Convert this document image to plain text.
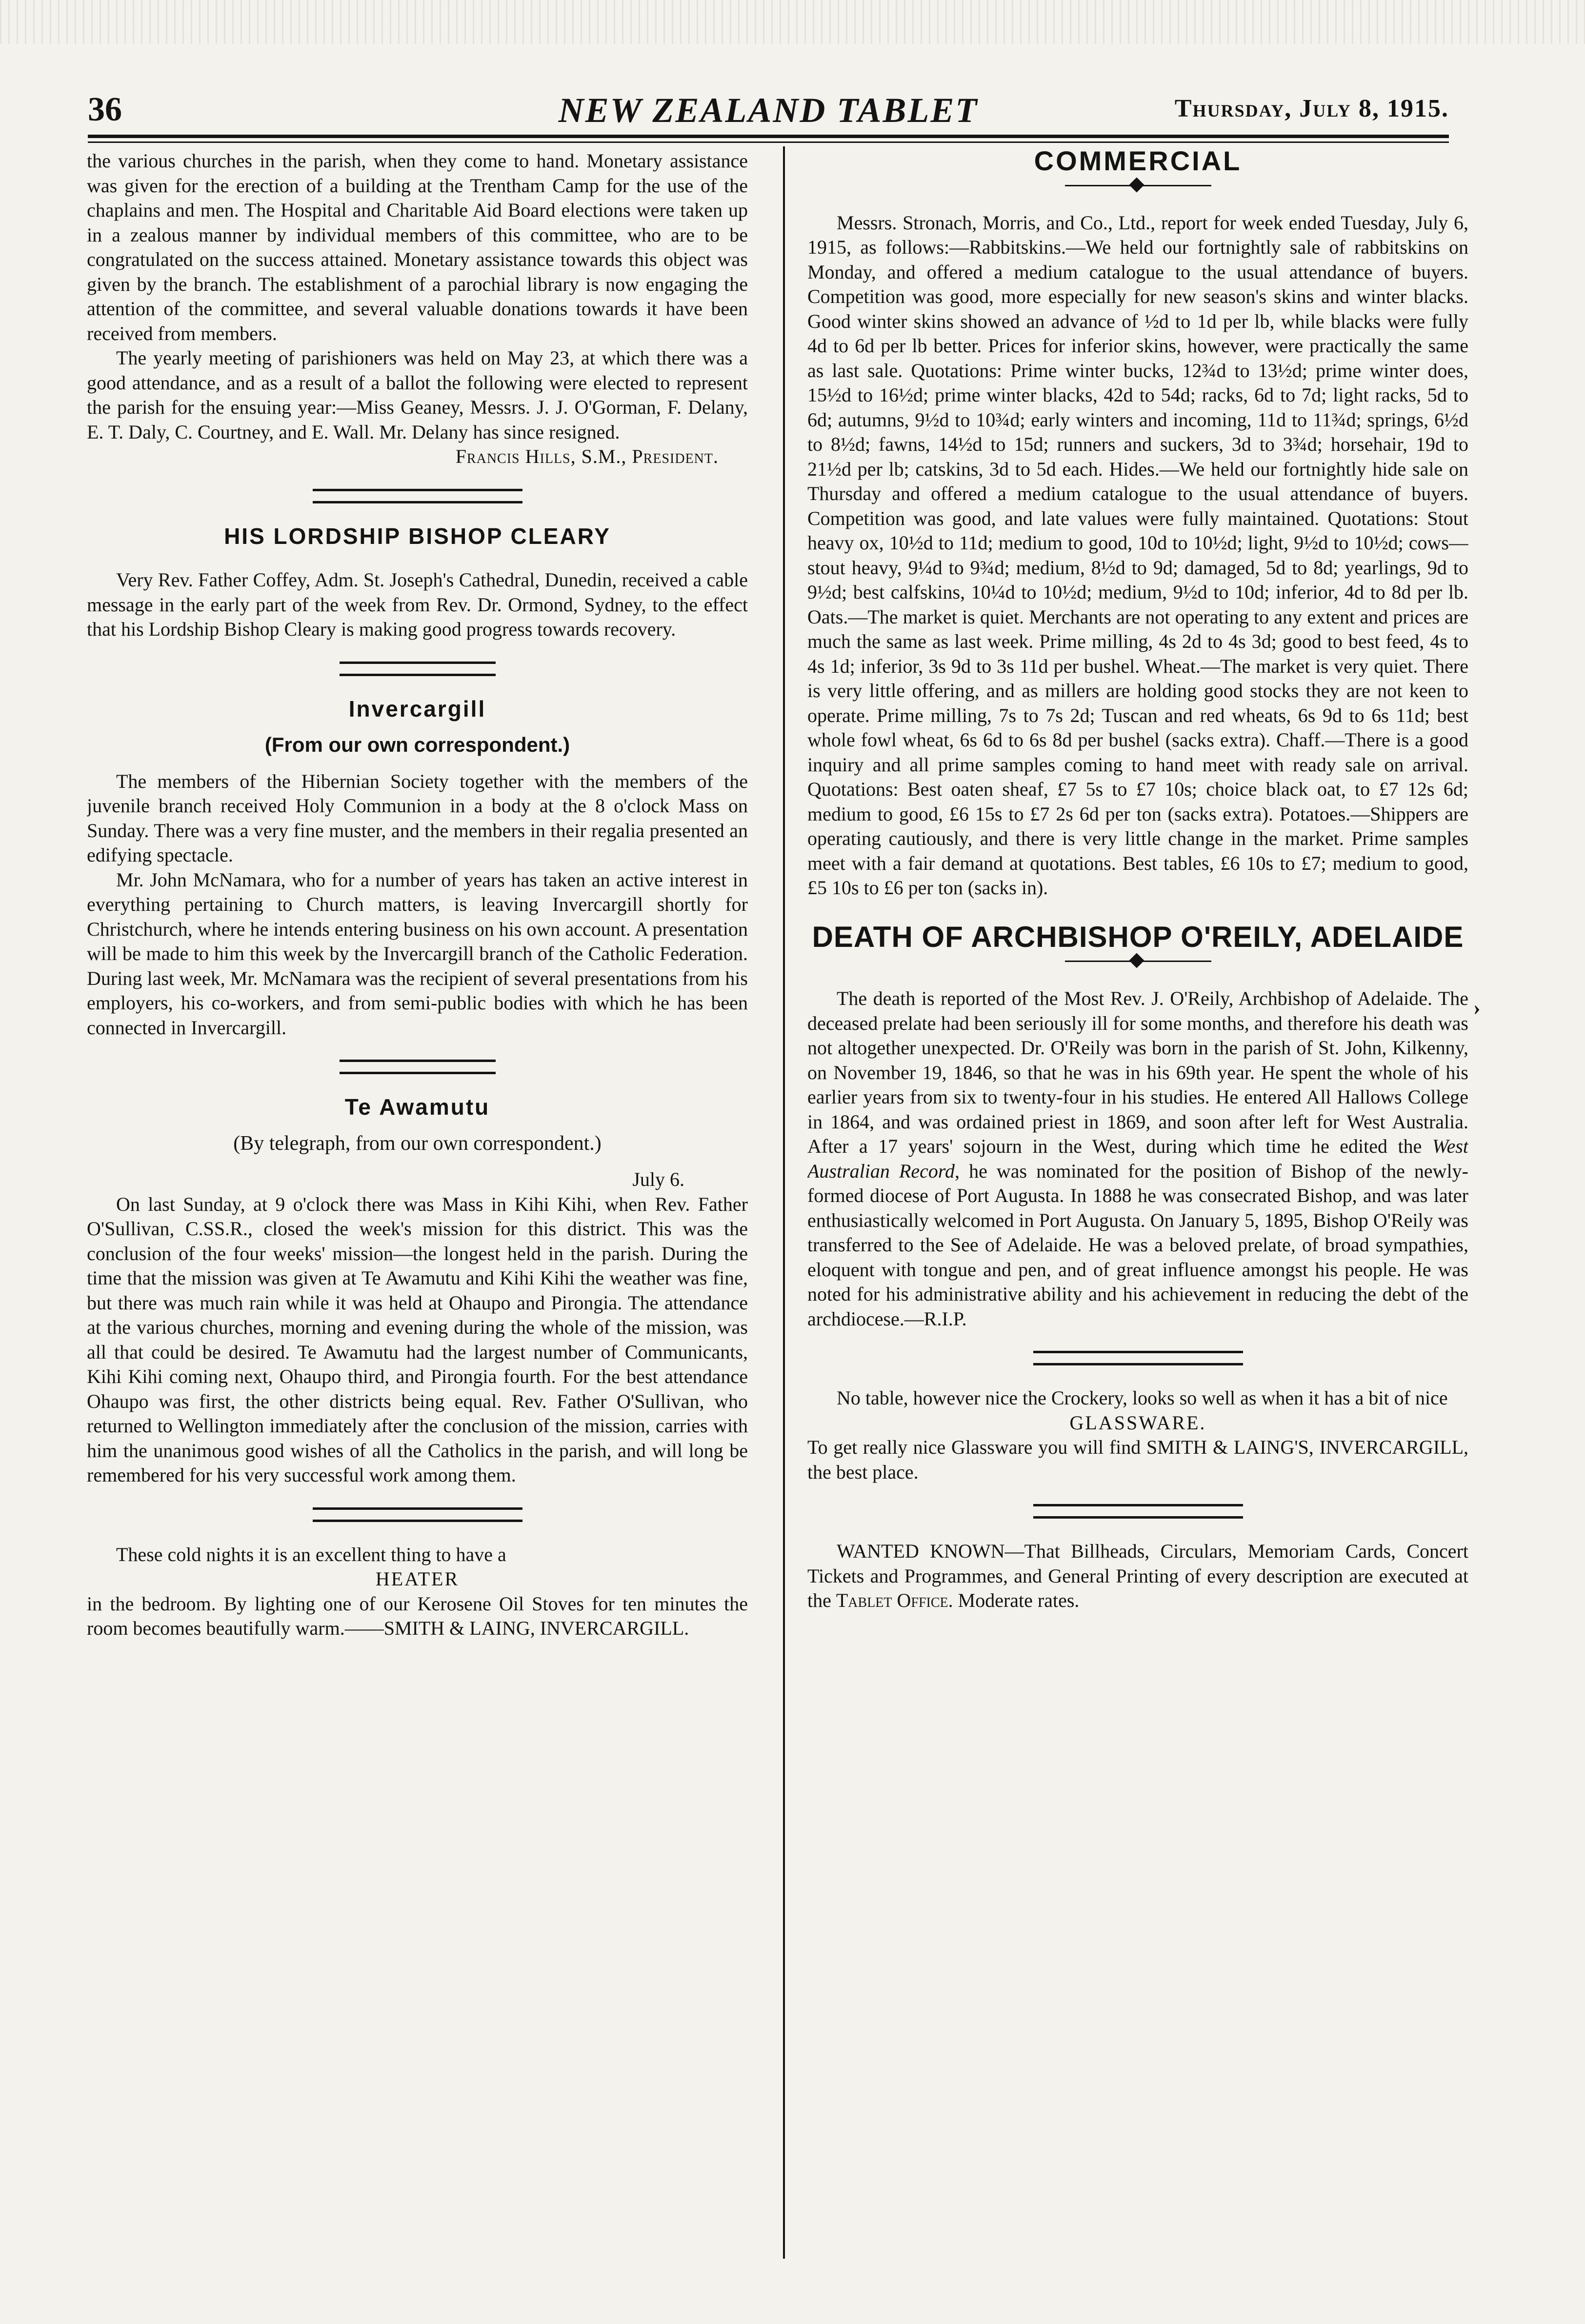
36	NEW ZEALAND TABLET	Thursday, July 8, 1915.

the various churches in the parish, when they come to hand. Monetary assistance was given for the erection of a building at the Trentham Camp for the use of the chaplains and men. The Hospital and Charitable Aid Board elections were taken up in a zealous manner by individual members of this committee, who are to be congratulated on the success attained. Monetary assistance towards this object was given by the branch. The establishment of a parochial library is now engaging the attention of the committee, and several valuable donations towards it have been received from members.

The yearly meeting of parishioners was held on May 23, at which there was a good attendance, and as a result of a ballot the following were elected to represent the parish for the ensuing year:—Miss Geaney, Messrs. J. J. O'Gorman, F. Delany, E. T. Daly, C. Courtney, and E. Wall. Mr. Delany has since resigned.

Francis Hills, S.M., President.
HIS LORDSHIP BISHOP CLEARY

Very Rev. Father Coffey, Adm. St. Joseph's Cathedral, Dunedin, received a cable message in the early part of the week from Rev. Dr. Ormond, Sydney, to the effect that his Lordship Bishop Cleary is making good progress towards recovery.

Invercargill
(From our own correspondent.)

The members of the Hibernian Society together with the members of the juvenile branch received Holy Communion in a body at the 8 o'clock Mass on Sunday. There was a very fine muster, and the members in their regalia presented an edifying spectacle.

Mr. John McNamara, who for a number of years has taken an active interest in everything pertaining to Church matters, is leaving Invercargill shortly for Christchurch, where he intends entering business on his own account. A presentation will be made to him this week by the Invercargill branch of the Catholic Federation. During last week, Mr. McNamara was the recipient of several presentations from his employers, his co-workers, and from semi-public bodies with which he has been connected in Invercargill.

Te Awamutu
(By telegraph, from our own correspondent.)
July 6.

On last Sunday, at 9 o'clock there was Mass in Kihi Kihi, when Rev. Father O'Sullivan, C.SS.R., closed the week's mission for this district. This was the conclusion of the four weeks' mission—the longest held in the parish. During the time that the mission was given at Te Awamutu and Kihi Kihi the weather was fine, but there was much rain while it was held at Ohaupo and Pirongia. The attendance at the various churches, morning and evening during the whole of the mission, was all that could be desired. Te Awamutu had the largest number of Communicants, Kihi Kihi coming next, Ohaupo third, and Pirongia fourth. For the best attendance Ohaupo was first, the other districts being equal. Rev. Father O'Sullivan, who returned to Wellington immediately after the conclusion of the mission, carries with him the unanimous good wishes of all the Catholics in the parish, and will long be remembered for his very successful work among them.

These cold nights it is an excellent thing to have a

HEATER

in the bedroom. By lighting one of our Kerosene Oil Stoves for ten minutes the room becomes beautifully warm.——SMITH & LAING, INVERCARGILL.

COMMERCIAL

Messrs. Stronach, Morris, and Co., Ltd., report for week ended Tuesday, July 6, 1915, as follows:—Rabbitskins.—We held our fortnightly sale of rabbitskins on Monday, and offered a medium catalogue to the usual attendance of buyers. Competition was good, more especially for new season's skins and winter blacks. Good winter skins showed an advance of ½d to 1d per lb, while blacks were fully 4d to 6d per lb better. Prices for inferior skins, however, were practically the same as last sale. Quotations: Prime winter bucks, 12¾d to 13½d; prime winter does, 15½d to 16½d; prime winter blacks, 42d to 54d; racks, 6d to 7d; light racks, 5d to 6d; autumns, 9½d to 10¾d; early winters and incoming, 11d to 11¾d; springs, 6½d to 8½d; fawns, 14½d to 15d; runners and suckers, 3d to 3¾d; horsehair, 19d to 21½d per lb; catskins, 3d to 5d each. Hides.—We held our fortnightly hide sale on Thursday and offered a medium catalogue to the usual attendance of buyers. Competition was good, and late values were fully maintained. Quotations: Stout heavy ox, 10½d to 11d; medium to good, 10d to 10½d; light, 9½d to 10½d; cows—stout heavy, 9¼d to 9¾d; medium, 8½d to 9d; damaged, 5d to 8d; yearlings, 9d to 9½d; best calfskins, 10¼d to 10½d; medium, 9½d to 10d; inferior, 4d to 8d per lb. Oats.—The market is quiet. Merchants are not operating to any extent and prices are much the same as last week. Prime milling, 4s 2d to 4s 3d; good to best feed, 4s to 4s 1d; inferior, 3s 9d to 3s 11d per bushel. Wheat.—The market is very quiet. There is very little offering, and as millers are holding good stocks they are not keen to operate. Prime milling, 7s to 7s 2d; Tuscan and red wheats, 6s 9d to 6s 11d; best whole fowl wheat, 6s 6d to 6s 8d per bushel (sacks extra). Chaff.—There is a good inquiry and all prime samples coming to hand meet with ready sale on arrival. Quotations: Best oaten sheaf, £7 5s to £7 10s; choice black oat, to £7 12s 6d; medium to good, £6 15s to £7 2s 6d per ton (sacks extra). Potatoes.—Shippers are operating cautiously, and there is very little change in the market. Prime samples meet with a fair demand at quotations. Best tables, £6 10s to £7; medium to good, £5 10s to £6 per ton (sacks in).

DEATH OF ARCHBISHOP O'REILY, ADELAIDE

The death is reported of the Most Rev. J. O'Reily, Archbishop of Adelaide. The deceased prelate had been seriously ill for some months, and therefore his death was not altogether unexpected. Dr. O'Reily was born in the parish of St. John, Kilkenny, on November 19, 1846, so that he was in his 69th year. He spent the whole of his earlier years from six to twenty-four in his studies. He entered All Hallows College in 1864, and was ordained priest in 1869, and soon after left for West Australia. After a 17 years' sojourn in the West, during which time he edited the West Australian Record, he was nominated for the position of Bishop of the newly-formed diocese of Port Augusta. In 1888 he was consecrated Bishop, and was later enthusiastically welcomed in Port Augusta. On January 5, 1895, Bishop O'Reily was transferred to the See of Adelaide. He was a beloved prelate, of broad sympathies, eloquent with tongue and pen, and of great influence amongst his people. He was noted for his administrative ability and his achievement in reducing the debt of the archdiocese.—R.I.P.

No table, however nice the Crockery, looks so well as when it has a bit of nice

GLASSWARE.

To get really nice Glassware you will find SMITH & LAING'S, INVERCARGILL, the best place.

WANTED KNOWN—That Billheads, Circulars, Memoriam Cards, Concert Tickets and Programmes, and General Printing of every description are executed at the Tablet Office. Moderate rates.

›
